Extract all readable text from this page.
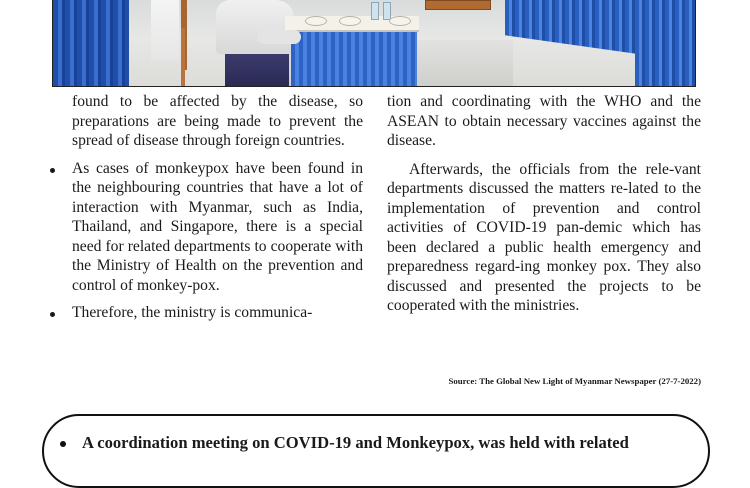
found to be affected by the disease, so preparations are being made to prevent the spread of disease through foreign countries.

As cases of monkeypox have been found in the neighbouring countries that have a lot of interaction with Myanmar, such as India, Thailand, and Singapore, there is a special need for related departments to cooperate with the Ministry of Health on the prevention and control of monkey-pox.

Therefore, the ministry is communica-

tion and coordinating with the WHO and the ASEAN to obtain necessary vaccines against the disease.

Afterwards, the officials from the rele-vant departments discussed the matters re-lated to the implementation of prevention and control activities of COVID-19 pan-demic which has been declared a public health emergency and preparedness regard-ing monkey pox. They also discussed and presented the projects to be cooperated with the ministries.

Source: The Global New Light of Myanmar Newspaper (27-7-2022)
A coordination meeting on COVID-19 and Monkeypox, was held with related
